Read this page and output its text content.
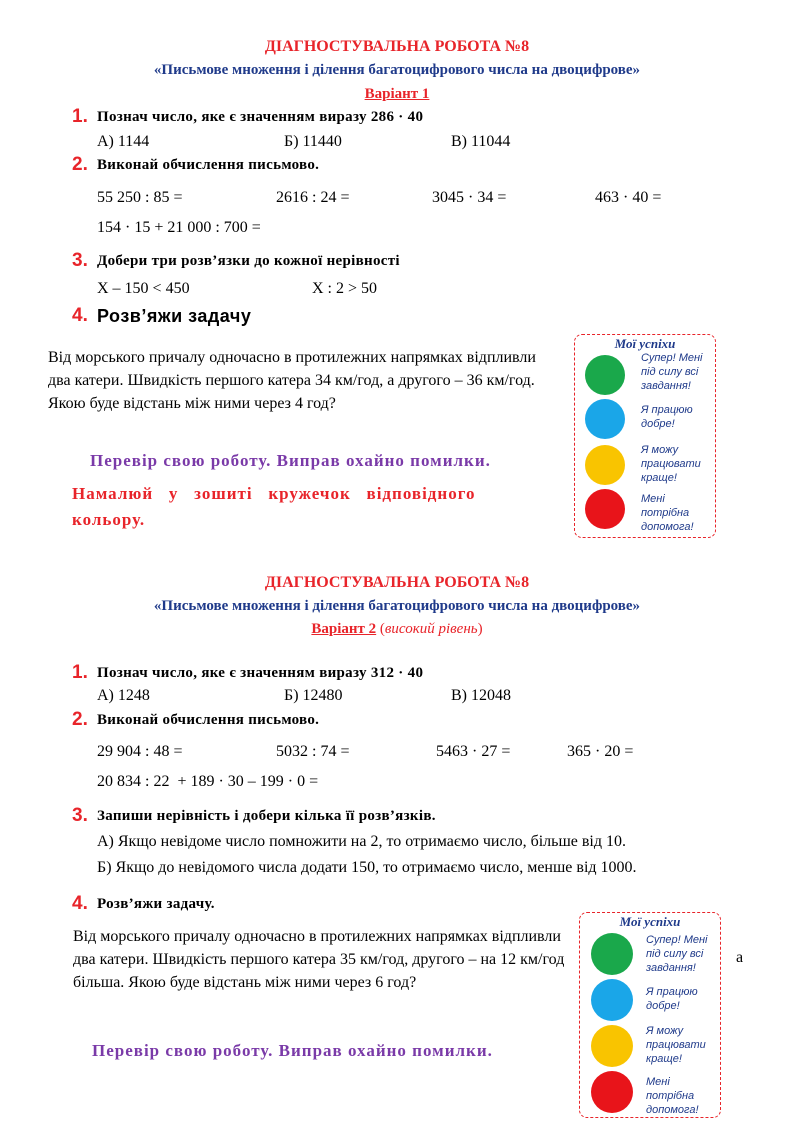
ДІАГНОСТУВАЛЬНА РОБОТА №8
«Письмове множення і ділення багатоцифрового числа на двоцифрове»
Варіант 1
1. Познач число, яке є значенням виразу 286 · 40
А) 1144	Б) 11440	В) 11044
2. Виконай обчислення письмово.
55 250 : 85 =	2616 : 24 =	3045 · 34 =	463 · 40 =
154 · 15 + 21 000 : 700 =
3. Добери три розв’язки до кожної нерівності
Х – 150 < 450	Х : 2 > 50
4. Розв’яжи задачу
Від морського причалу одночасно в протилежних напрямках відпливли два катери. Швидкість першого катера 34 км/год, а другого – 36 км/год. Якою буде відстань між ними через 4 год?
Перевір свою роботу. Виправ охайно помилки.
Намалюй   у   зошиті   кружечок   відповідного
кольору.
Мої успіхи
Супер! Мені під силу всі завдання!
Я працюю добре!
Я можу працювати краще!
Мені потрібна допомога!
ДІАГНОСТУВАЛЬНА РОБОТА №8
«Письмове множення і ділення багатоцифрового числа на двоцифрове»
Варіант 2 (високий рівень)
1. Познач число, яке є значенням виразу 312 · 40
А) 1248	Б) 12480	В) 12048
2. Виконай обчислення письмово.
29 904 : 48 =	5032 : 74 =	5463 · 27 =	365 · 20 =
20 834 : 22  + 189 · 30 – 199 · 0 =
3. Запиши нерівність і добери кілька її розв’язків.
А) Якщо невідоме число помножити на 2, то отримаємо число, більше від 10.
Б) Якщо до невідомого числа додати 150, то отримаємо число, менше від 1000.
4. Розв’яжи задачу.
Від морського причалу одночасно в протилежних напрямках відпливли два катери. Швидкість першого катера 35 км/год, другого – на 12 км/год більша. Якою буде відстань між ними через 6 год?
а
Перевір свою роботу. Виправ охайно помилки.
Мої успіхи
Супер! Мені під силу всі завдання!
Я працюю добре!
Я можу працювати краще!
Мені потрібна допомога!
